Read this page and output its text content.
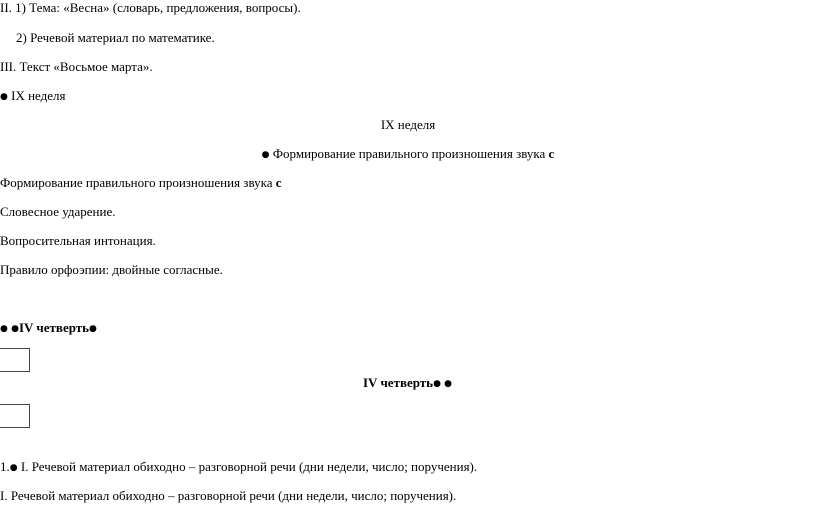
II. 1) Тема: «Весна» (словарь, предложения, вопросы).
2) Речевой материал по математике.
III. Текст «Восьмое марта».
● IX неделя
IX неделя
● Формирование правильного произношения звука с
Формирование правильного произношения звука с
Словесное ударение.
Вопросительная интонация.
Правило орфоэпии: двойные согласные.
● ●IV четверть●
IV четверть● ●
1.● I. Речевой материал обиходно – разговорной речи (дни недели, число; поручения).
I. Речевой материал обиходно – разговорной речи (дни недели, число; поручения).
